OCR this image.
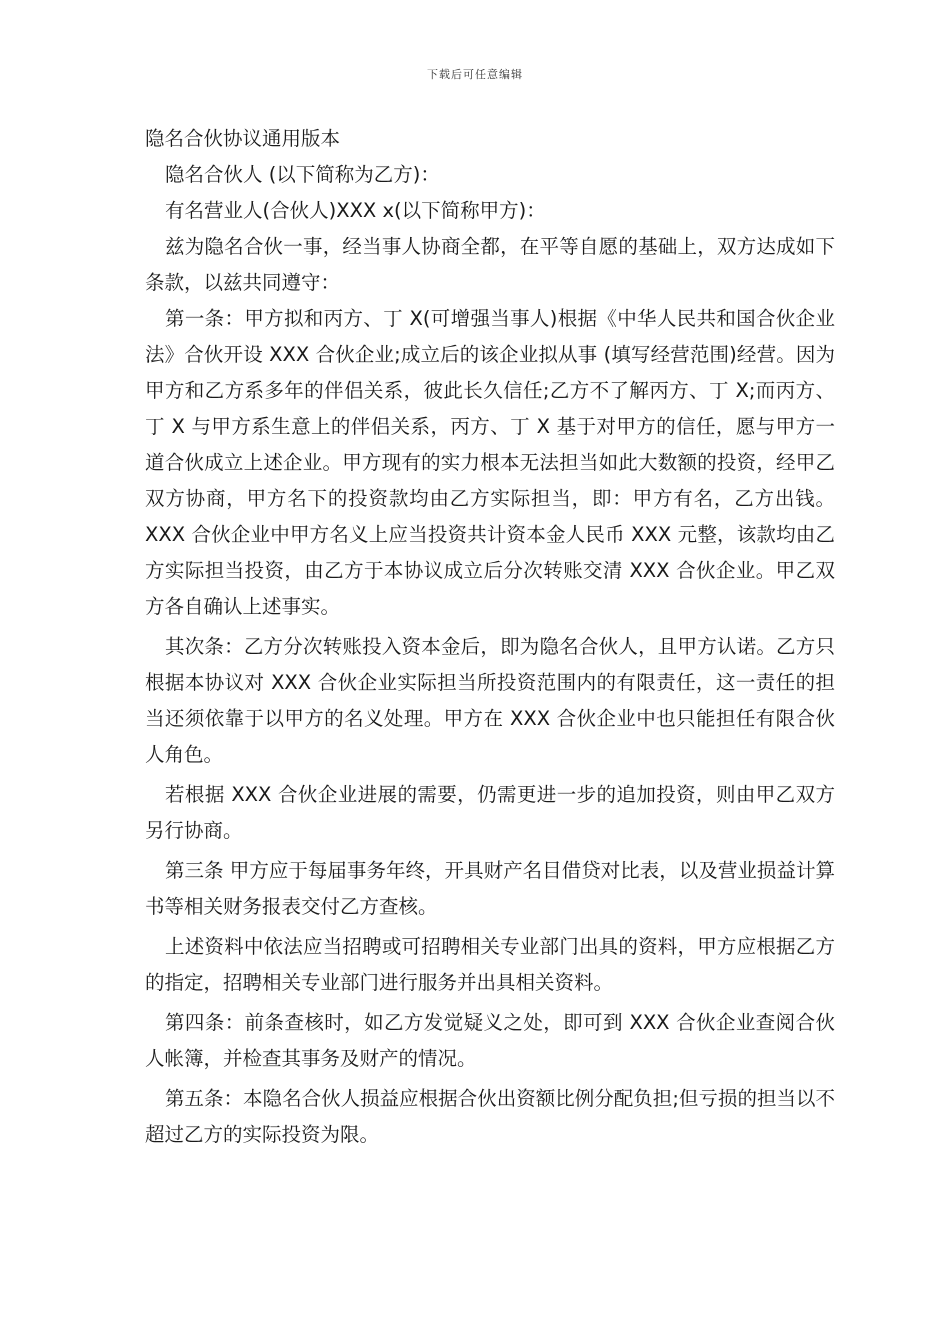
下载后可任意编辑
隐名合伙协议通用版本

隐名合伙人 (以下简称为乙方)：

有名营业人(合伙人)XXX x(以下简称甲方)：

兹为隐名合伙一事，经当事人协商全都，在平等自愿的基础上，双方达成如下条款，以兹共同遵守：

第一条：甲方拟和丙方、丁 X(可增强当事人)根据《中华人民共和国合伙企业法》合伙开设 XXX 合伙企业;成立后的该企业拟从事 (填写经营范围)经营。因为甲方和乙方系多年的伴侣关系，彼此长久信任;乙方不了解丙方、丁 X;而丙方、丁 X 与甲方系生意上的伴侣关系，丙方、丁 X 基于对甲方的信任，愿与甲方一道合伙成立上述企业。甲方现有的实力根本无法担当如此大数额的投资，经甲乙双方协商，甲方名下的投资款均由乙方实际担当，即：甲方有名，乙方出钱。XXX 合伙企业中甲方名义上应当投资共计资本金人民币 XXX 元整，该款均由乙方实际担当投资，由乙方于本协议成立后分次转账交清 XXX 合伙企业。甲乙双方各自确认上述事实。

其次条：乙方分次转账投入资本金后，即为隐名合伙人，且甲方认诺。乙方只根据本协议对 XXX 合伙企业实际担当所投资范围内的有限责任，这一责任的担当还须依靠于以甲方的名义处理。甲方在 XXX 合伙企业中也只能担任有限合伙人角色。

若根据 XXX 合伙企业进展的需要，仍需更进一步的追加投资，则由甲乙双方另行协商。

第三条 甲方应于每届事务年终，开具财产名目借贷对比表，以及营业损益计算书等相关财务报表交付乙方查核。

上述资料中依法应当招聘或可招聘相关专业部门出具的资料，甲方应根据乙方的指定，招聘相关专业部门进行服务并出具相关资料。

第四条：前条查核时，如乙方发觉疑义之处，即可到 XXX 合伙企业查阅合伙人帐簿，并检查其事务及财产的情况。

第五条：本隐名合伙人损益应根据合伙出资额比例分配负担;但亏损的担当以不超过乙方的实际投资为限。
